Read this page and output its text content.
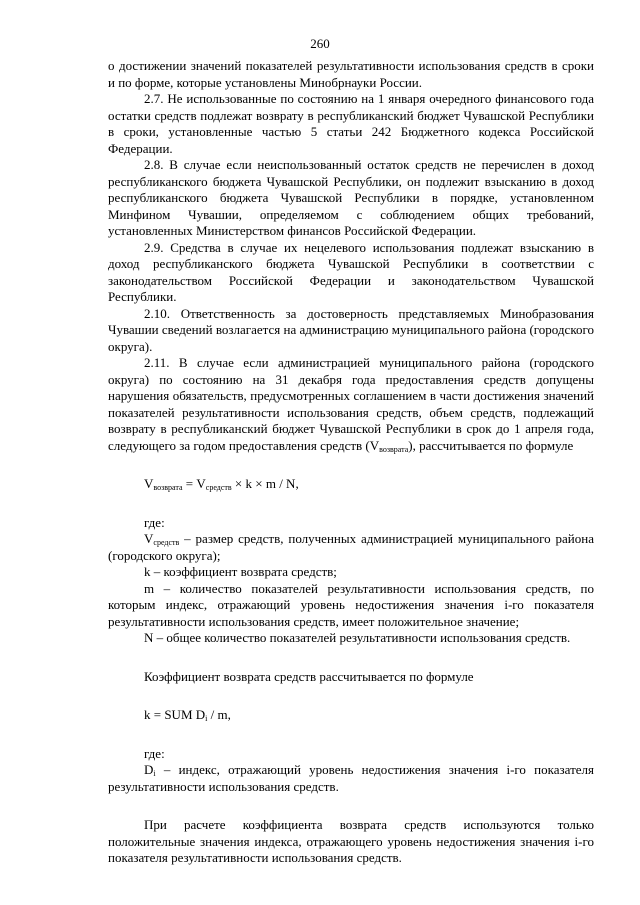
260

о достижении значений показателей результативности использования средств в сроки и по форме, которые установлены Минобрнауки России.

2.7. Не использованные по состоянию на 1 января очередного финансового года остатки средств подлежат возврату в республиканский бюджет Чувашской Республики в сроки, установленные частью 5 статьи 242 Бюджетного кодекса Российской Федерации.

2.8. В случае если неиспользованный остаток средств не перечислен в доход республиканского бюджета Чувашской Республики, он подлежит взысканию в доход республиканского бюджета Чувашской Республики в порядке, установленном Минфином Чувашии, определяемом с соблюдением общих требований, установленных Министерством финансов Российской Федерации.

2.9. Средства в случае их нецелевого использования подлежат взысканию в доход республиканского бюджета Чувашской Республики в соответствии с законодательством Российской Федерации и законодательством Чувашской Республики.

2.10. Ответственность за достоверность представляемых Минобразования Чувашии сведений возлагается на администрацию муниципального района (городского округа).

2.11. В случае если администрацией муниципального района (городского округа) по состоянию на 31 декабря года предоставления средств допущены нарушения обязательств, предусмотренных соглашением в части достижения значений показателей результативности использования средств, объем средств, подлежащий возврату в республиканский бюджет Чувашской Республики в срок до 1 апреля года, следующего за годом предоставления средств $(V_{возврата})$, рассчитывается по формуле

$V_{возврата} = V_{средств} \times k \times m / N$,

где:

$V_{средств}$ – размер средств, полученных администрацией муниципального района (городского округа);

k – коэффициент возврата средств;

m – количество показателей результативности использования средств, по которым индекс, отражающий уровень недостижения значения i-го показателя результативности использования средств, имеет положительное значение;

N – общее количество показателей результативности использования средств.

Коэффициент возврата средств рассчитывается по формуле

k = SUM $D_i$ / m,

где:

$D_i$ – индекс, отражающий уровень недостижения значения i-го показателя результативности использования средств.

При расчете коэффициента возврата средств используются только положительные значения индекса, отражающего уровень недостижения значения i-го показателя результативности использования средств.
